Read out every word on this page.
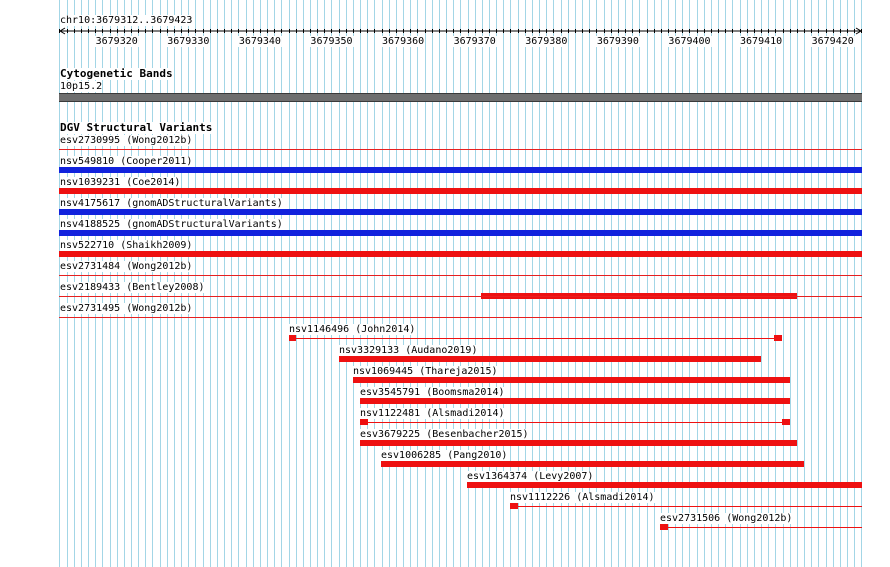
chr10:3679312..3679423
3679320	3679330	3679340	3679350	3679360	3679370	3679380	3679390	3679400	3679410	3679420
Cytogenetic Bands
10p15.2
DGV Structural Variants
esv2730995 (Wong2012b)
nsv549810 (Cooper2011)
nsv1039231 (Coe2014)
nsv4175617 (gnomADStructuralVariants)
nsv4188525 (gnomADStructuralVariants)
nsv522710 (Shaikh2009)
esv2731484 (Wong2012b)
esv2189433 (Bentley2008)
esv2731495 (Wong2012b)
nsv1146496 (John2014)
nsv3329133 (Audano2019)
nsv1069445 (Thareja2015)
esv3545791 (Boomsma2014)
nsv1122481 (Alsmadi2014)
esv3679225 (Besenbacher2015)
esv1006285 (Pang2010)
esv1364374 (Levy2007)
nsv1112226 (Alsmadi2014)
esv2731506 (Wong2012b)
